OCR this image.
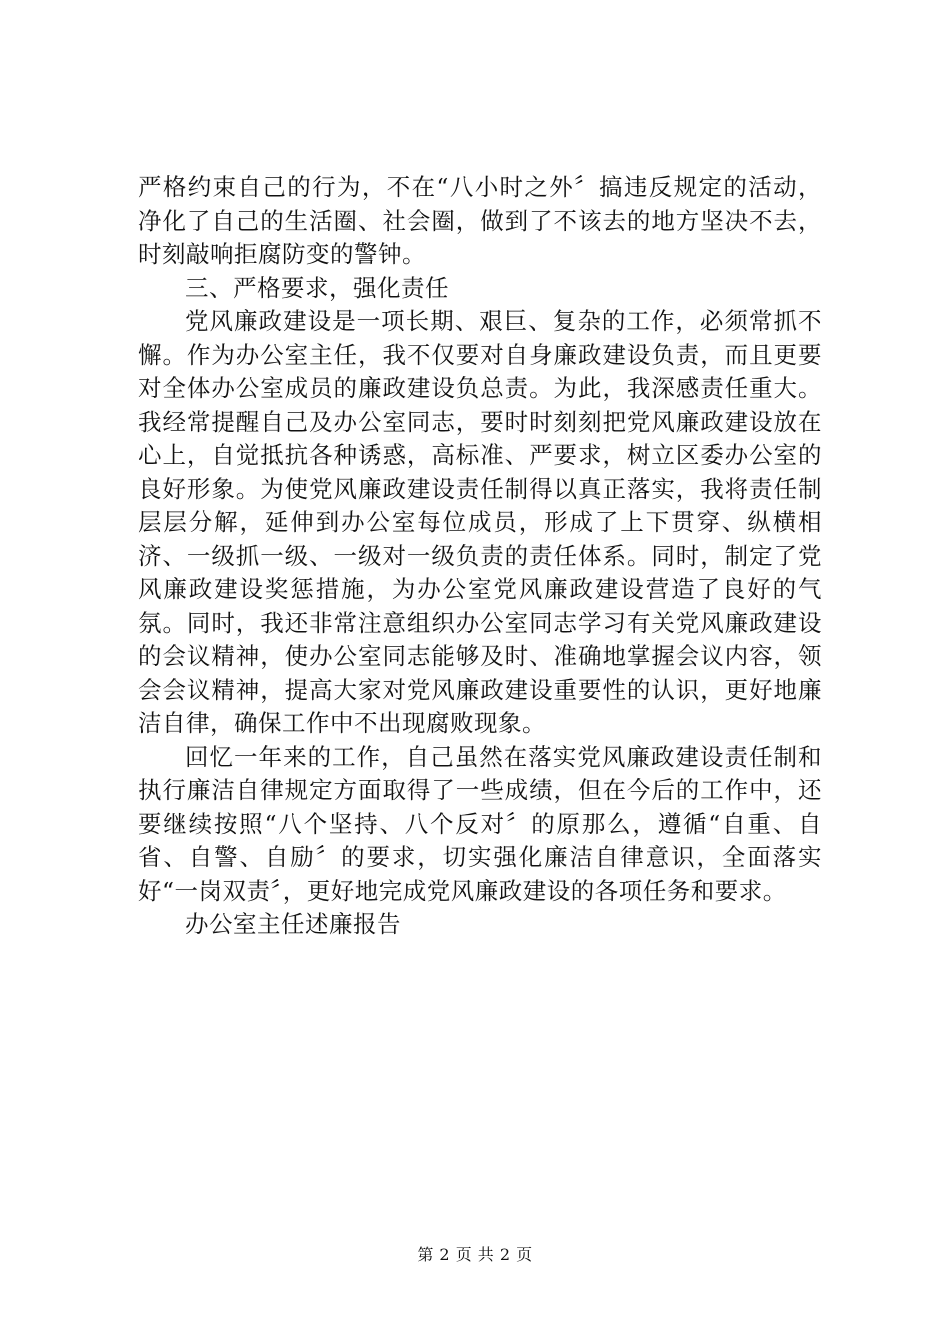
严格约束自己的行为，不在“八小时之外〞搞违反规定的活动，净化了自己的生活圈、社会圈，做到了不该去的地方坚决不去，时刻敲响拒腐防变的警钟。

三、严格要求，强化责任

党风廉政建设是一项长期、艰巨、复杂的工作，必须常抓不懈。作为办公室主任，我不仅要对自身廉政建设负责，而且更要对全体办公室成员的廉政建设负总责。为此，我深感责任重大。我经常提醒自己及办公室同志，要时时刻刻把党风廉政建设放在心上，自觉抵抗各种诱惑，高标准、严要求，树立区委办公室的良好形象。为使党风廉政建设责任制得以真正落实，我将责任制层层分解，延伸到办公室每位成员，形成了上下贯穿、纵横相济、一级抓一级、一级对一级负责的责任体系。同时，制定了党风廉政建设奖惩措施，为办公室党风廉政建设营造了良好的气氛。同时，我还非常注意组织办公室同志学习有关党风廉政建设的会议精神，使办公室同志能够及时、准确地掌握会议内容，领会会议精神，提高大家对党风廉政建设重要性的认识，更好地廉洁自律，确保工作中不出现腐败现象。

回忆一年来的工作，自己虽然在落实党风廉政建设责任制和执行廉洁自律规定方面取得了一些成绩，但在今后的工作中，还要继续按照“八个坚持、八个反对〞的原那么，遵循“自重、自省、自警、自励〞的要求，切实强化廉洁自律意识，全面落实好“一岗双责〞，更好地完成党风廉政建设的各项任务和要求。

办公室主任述廉报告

第 2 页 共 2 页
